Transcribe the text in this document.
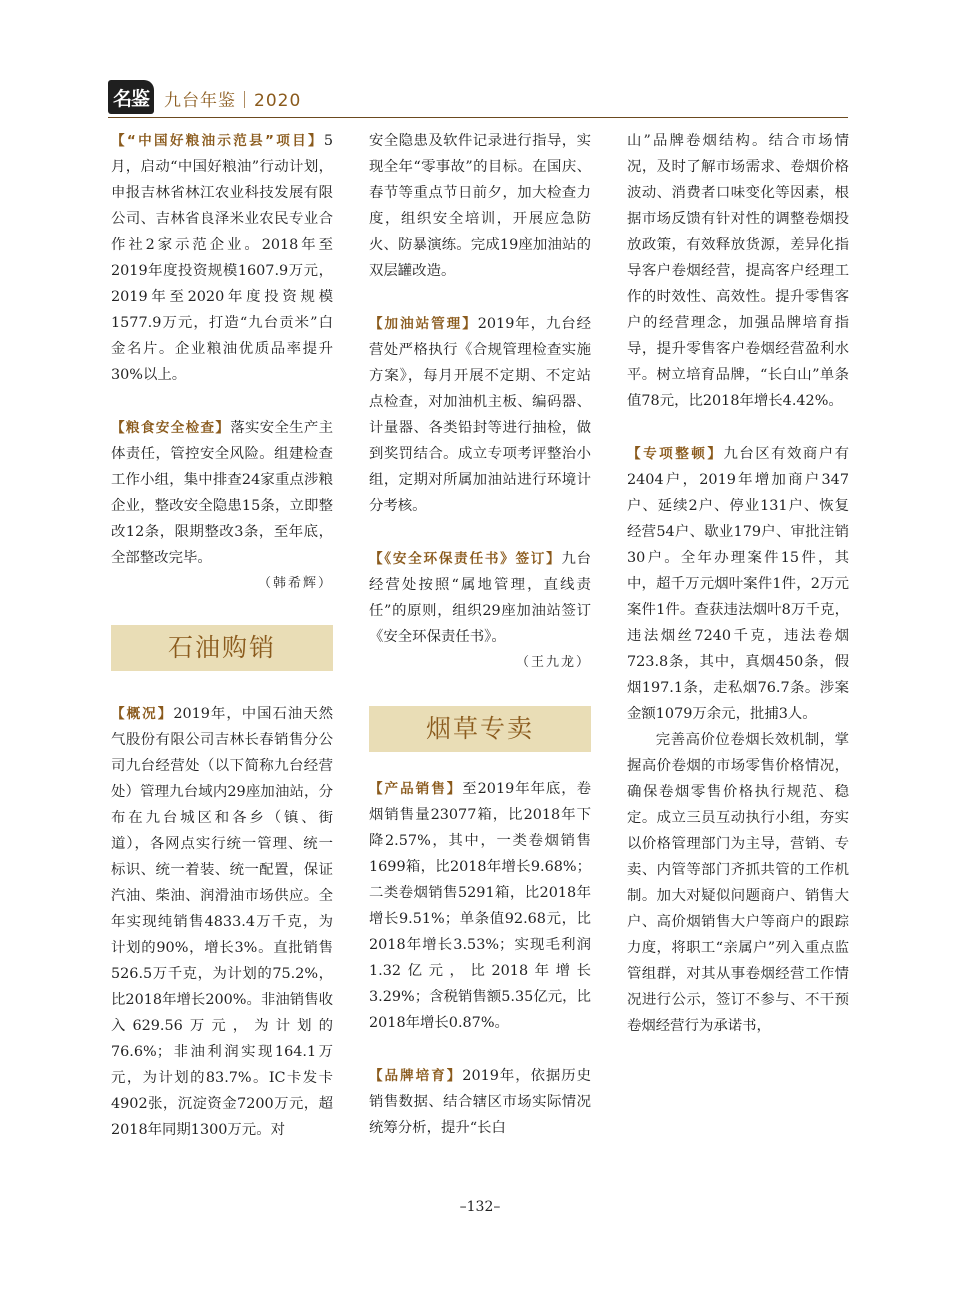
名鉴 九台年鉴｜2020

【“中国好粮油示范县”项目】5月，启动“中国好粮油”行动计划，申报吉林省林江农业科技发展有限公司、吉林省良泽米业农民专业合作社2家示范企业。2018年至2019年度投资规模1607.9万元，2019年至2020年度投资规模1577.9万元，打造“九台贡米”白金名片。企业粮油优质品率提升30%以上。

【粮食安全检查】落实安全生产主体责任，管控安全风险。组建检查工作小组，集中排查24家重点涉粮企业，整改安全隐患15条，立即整改12条，限期整改3条，至年底，全部整改完毕。

（韩希辉）

石油购销

【概况】2019年，中国石油天然气股份有限公司吉林长春销售分公司九台经营处（以下简称九台经营处）管理九台域内29座加油站，分布在九台城区和各乡（镇、街道），各网点实行统一管理、统一标识、统一着装、统一配置，保证汽油、柴油、润滑油市场供应。全年实现纯销售4833.4万千克，为计划的90%，增长3%。直批销售526.5万千克，为计划的75.2%，比2018年增长200%。非油销售收入629.56万元，为计划的76.6%；非油利润实现164.1万元，为计划的83.7%。IC卡发卡4902张，沉淀资金7200万元，超2018年同期1300万元。对

安全隐患及软件记录进行指导，实现全年“零事故”的目标。在国庆、春节等重点节日前夕，加大检查力度，组织安全培训，开展应急防火、防暴演练。完成19座加油站的双层罐改造。

【加油站管理】2019年，九台经营处严格执行《合规管理检查实施方案》，每月开展不定期、不定站点检查，对加油机主板、编码器、计量器、各类铅封等进行抽检，做到奖罚结合。成立专项考评整治小组，定期对所属加油站进行环境计分考核。

【《安全环保责任书》签订】九台经营处按照“属地管理，直线责任”的原则，组织29座加油站签订《安全环保责任书》。

（王九龙）

烟草专卖

【产品销售】至2019年年底，卷烟销售量23077箱，比2018年下降2.57%，其中，一类卷烟销售1699箱，比2018年增长9.68%；二类卷烟销售5291箱，比2018年增长9.51%；单条值92.68元，比2018年增长3.53%；实现毛利润1.32亿元，比2018年增长3.29%；含税销售额5.35亿元，比2018年增长0.87%。

【品牌培育】2019年，依据历史销售数据、结合辖区市场实际情况统筹分析，提升“长白

山”品牌卷烟结构。结合市场情况，及时了解市场需求、卷烟价格波动、消费者口味变化等因素，根据市场反馈有针对性的调整卷烟投放政策，有效释放货源，差异化指导客户卷烟经营，提高客户经理工作的时效性、高效性。提升零售客户的经营理念，加强品牌培育指导，提升零售客户卷烟经营盈利水平。树立培育品牌，“长白山”单条值78元，比2018年增长4.42%。

【专项整顿】九台区有效商户有2404户，2019年增加商户347户、延续2户、停业131户、恢复经营54户、歇业179户、审批注销30户。全年办理案件15件，其中，超千万元烟叶案件1件，2万元案件1件。查获违法烟叶8万千克，违法烟丝7240千克，违法卷烟723.8条，其中，真烟450条，假烟197.1条，走私烟76.7条。涉案金额1079万余元，批捕3人。

完善高价位卷烟长效机制，掌握高价卷烟的市场零售价格情况，确保卷烟零售价格执行规范、稳定。成立三员互动执行小组，夯实以价格管理部门为主导，营销、专卖、内管等部门齐抓共管的工作机制。加大对疑似问题商户、销售大户、高价烟销售大户等商户的跟踪力度，将职工“亲属户”列入重点监管组群，对其从事卷烟经营工作情况进行公示，签订不参与、不干预卷烟经营行为承诺书，

–132–
